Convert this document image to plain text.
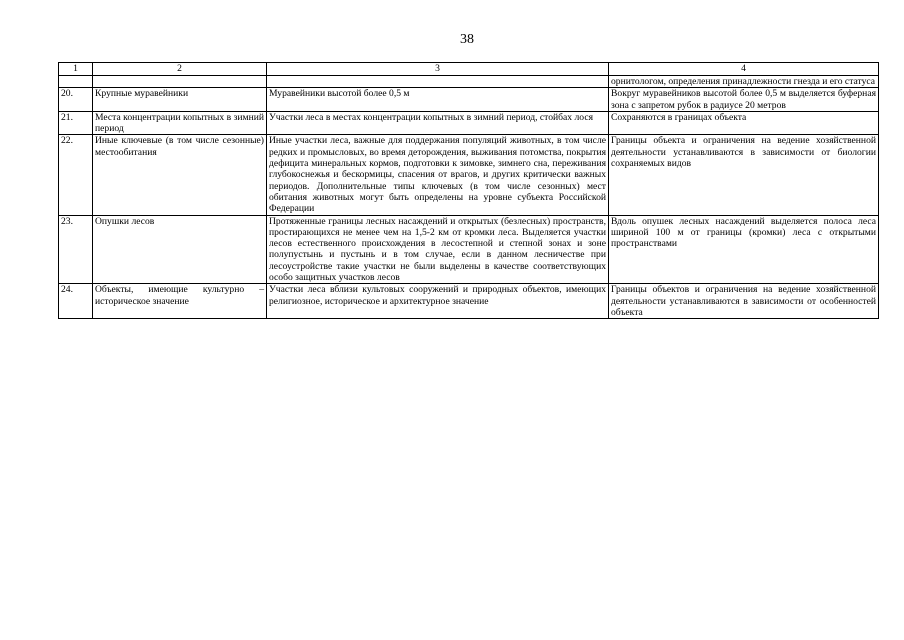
38
1	2	3	4
			орнитологом, определения принадлежности гнезда и его статуса
20.	Крупные муравейники	Муравейники высотой более 0,5 м	Вокруг муравейников высотой более 0,5 м выделяется буферная зона с запретом рубок в радиусе 20 метров
21.	Места концентрации копытных в зимний период	Участки леса в местах концентрации копытных в зимний период, стойбах лося	Сохраняются в границах объекта
22.	Иные ключевые (в том числе сезонные) местообитания	Иные участки леса, важные для поддержания популяций животных, в том числе редких и промысловых, во время деторождения, выживания потомства, покрытия дефицита минеральных кормов, подготовки к зимовке, зимнего сна, переживания глубокоснежья и бескормицы, спасения от врагов, и других критически важных периодов. Дополнительные типы ключевых (в том числе сезонных) мест обитания животных могут быть определены на уровне субъекта Российской Федерации	Границы объекта и ограничения на ведение хозяйственной деятельности устанавливаются в зависимости от биологии сохраняемых видов
23.	Опушки лесов	Протяженные границы лесных насаждений и открытых (безлесных) пространств, простирающихся не менее чем на 1,5-2 км от кромки леса. Выделяется участки лесов естественного происхождения в лесостепной и степной зонах и зоне полупустынь и пустынь и в том случае, если в данном лесничестве при лесоустройстве такие участки не были выделены в качестве соответствующих особо защитных участков лесов	Вдоль опушек лесных насаждений выделяется полоса леса шириной 100 м от границы (кромки) леса с открытыми пространствами
24.	Объекты, имеющие культурно – историческое значение	Участки леса вблизи культовых сооружений и природных объектов, имеющих религиозное, историческое и архитектурное значение	Границы объектов и ограничения на ведение хозяйственной деятельности устанавливаются в зависимости от особенностей объекта
